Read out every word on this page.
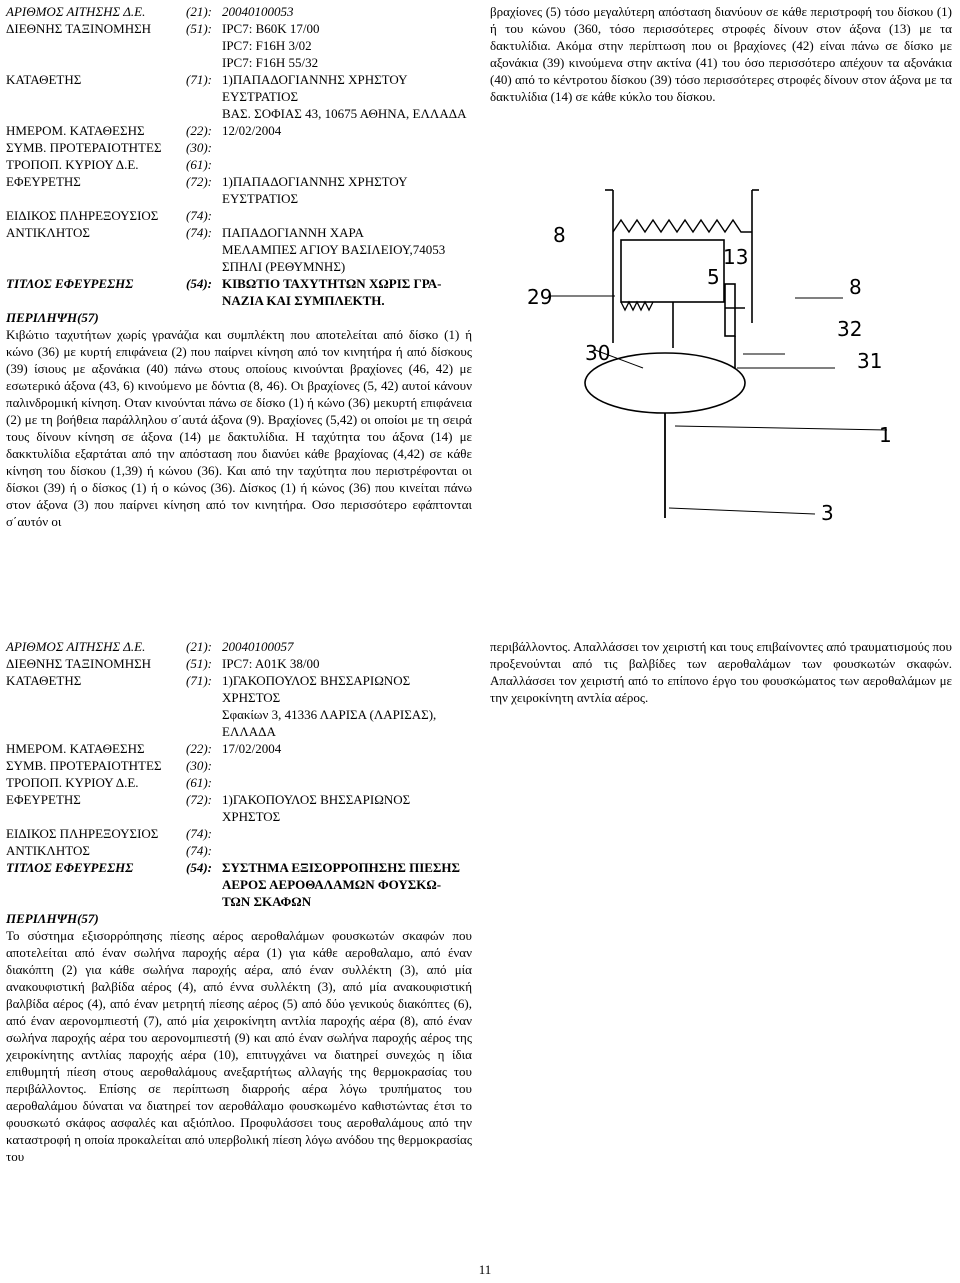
ΑΡΙΘΜΟΣ ΑΙΤΗΣΗΣ Δ.Ε.	(21): 20040100053
ΔΙΕΘΝΗΣ ΤΑΞΙΝΟΜΗΣΗ	(51): IPC7: B60K 17/00
IPC7: F16H 3/02
IPC7: F16H 55/32
ΚΑΤΑΘΕΤΗΣ	(71): 1)ΠΑΠΑΔΟΓΙΑΝΝΗΣ ΧΡΗΣΤΟΥ
ΕΥΣΤΡΑΤΙΟΣ
ΒΑΣ. ΣΟΦΙΑΣ 43, 10675 ΑΘΗΝΑ, ΕΛΛΑΔΑ
ΗΜΕΡΟΜ. ΚΑΤΑΘΕΣΗΣ	(22): 12/02/2004
ΣΥΜΒ. ΠΡΟΤΕΡΑΙΟΤΗΤΕΣ	(30):
ΤΡΟΠΟΠ. ΚΥΡΙΟΥ Δ.Ε.	(61):
ΕΦΕΥΡΕΤΗΣ	(72): 1)ΠΑΠΑΔΟΓΙΑΝΝΗΣ ΧΡΗΣΤΟΥ
ΕΥΣΤΡΑΤΙΟΣ
ΕΙΔΙΚΟΣ ΠΛΗΡΕΞΟΥΣΙΟΣ	(74):
ΑΝΤΙΚΛΗΤΟΣ	(74): ΠΑΠΑΔΟΓΙΑΝΝΗ ΧΑΡΑ
ΜΕΛΑΜΠΕΣ ΑΓΙΟΥ ΒΑΣΙΛΕΙΟΥ,74053
ΣΠΗΛΙ (ΡΕΘΥΜΝΗΣ)
ΤΙΤΛΟΣ ΕΦΕΥΡΕΣΗΣ	(54): ΚΙΒΩΤΙΟ ΤΑΧΥΤΗΤΩΝ ΧΩΡΙΣ ΓΡΑ-
ΝΑΖΙΑ ΚΑΙ ΣΥΜΠΛΕΚΤΗ.
ΠΕΡΙΛΗΨΗ(57)
Κιβώτιο ταχυτήτων χωρίς γρανάζια και συμπλέκτη που αποτελείται από δίσκο (1) ή κώνο (36) με κυρτή επιφάνεια (2) που παίρνει κίνηση από τον κινητήρα ή από δίσκους (39) ίσιους με αξονάκια (40) πάνω στους οποίους κινούνται βραχίονες (46, 42) με εσωτερικό άξονα (43, 6) κινούμενο με δόντια (8, 46). Οι βραχίονες (5, 42) αυτοί κάνουν παλινδρομική κίνηση. Οταν κινούνται πάνω σε δίσκο (1) ή κώνο (36) μεκυρτή επιφάνεια (2) με τη βοήθεια παράλληλου σ΄αυτά άξονα (9). Βραχίονες (5,42) οι οποίοι με τη σειρά τους δίνουν κίνηση σε άξονα (14) με δακτυλίδια. Η ταχύτητα του άξονα (14) με δακκτυλίδια εξαρτάται από την απόσταση που διανύει κάθε βραχίονας (4,42) σε κάθε κίνηση του δίσκου (1,39) ή κώνου (36). Και από την ταχύτητα που περιστρέφονται οι δίσκοι (39) ή ο δίσκος (1) ή ο κώνος (36). Δίσκος (1) ή κώνος (36) που κινείται πάνω στον άξονα (3) που παίρνει κίνηση από τον κινητήρα. Οσο περισσότερο εφάπτονται σ΄αυτόν οι
βραχίονες (5) τόσο μεγαλύτερη απόσταση διανύουν σε κάθε περιστροφή του δίσκου (1) ή του κώνου (360, τόσο περισσότερες στροφές δίνουν στον άξονα (13) με τα δακτυλίδια. Ακόμα στην περίπτωση που οι βραχίονες (42) είναι πάνω σε δίσκο με αξονάκια (39) κινούμενα στην ακτίνα (41) του όσο περισσότερο απέχουν τα αξονάκια (40) από το κέντροτου δίσκου (39) τόσο περισσότερες στροφές δίνουν στον άξονα με τα δακτυλίδια (14) σε κάθε κύκλο του δίσκου.
8
13
5
29	8
30
32
31
1
3
ΑΡΙΘΜΟΣ ΑΙΤΗΣΗΣ Δ.Ε.	(21): 20040100057
ΔΙΕΘΝΗΣ ΤΑΞΙΝΟΜΗΣΗ	(51): IPC7: A01K 38/00
ΚΑΤΑΘΕΤΗΣ	(71): 1)ΓΑΚΟΠΟΥΛΟΣ ΒΗΣΣΑΡΙΩΝΟΣ
ΧΡΗΣΤΟΣ
Σφακίων 3, 41336 ΛΑΡΙΣΑ (ΛΑΡΙΣΑΣ),
ΕΛΛΑΔΑ
ΗΜΕΡΟΜ. ΚΑΤΑΘΕΣΗΣ	(22): 17/02/2004
ΣΥΜΒ. ΠΡΟΤΕΡΑΙΟΤΗΤΕΣ	(30):
ΤΡΟΠΟΠ. ΚΥΡΙΟΥ Δ.Ε.	(61):
ΕΦΕΥΡΕΤΗΣ	(72): 1)ΓΑΚΟΠΟΥΛΟΣ ΒΗΣΣΑΡΙΩΝΟΣ
ΧΡΗΣΤΟΣ
ΕΙΔΙΚΟΣ ΠΛΗΡΕΞΟΥΣΙΟΣ	(74):
ΑΝΤΙΚΛΗΤΟΣ	(74):
ΤΙΤΛΟΣ ΕΦΕΥΡΕΣΗΣ	(54): ΣΥΣΤΗΜΑ ΕΞΙΣΟΡΡΟΠΗΣΗΣ ΠΙΕΣΗΣ
ΑΕΡΟΣ ΑΕΡΟΘΑΛΑΜΩΝ ΦΟΥΣΚΩ-
ΤΩΝ ΣΚΑΦΩΝ
ΠΕΡΙΛΗΨΗ(57)
Το σύστημα εξισορρόπησης πίεσης αέρος αεροθαλάμων φουσκωτών σκαφών που αποτελείται από έναν σωλήνα παροχής αέρα (1) για κάθε αεροθαλαμο, από έναν διακόπτη (2) για κάθε σωλήνα παροχής αέρα, από έναν συλλέκτη (3), από μία ανακουφιστική βαλβίδα αέρος (4), από έννα συλλέκτη (3), από μία ανακουφιστική βαλβίδα αέρος (4), από έναν μετρητή πίεσης αέρος (5) από δύο γενικούς διακόπτες (6), από έναν αερονομπιεστή (7), από μία χειροκίνητη αντλία παροχής αέρα (8), από έναν σωλήνα παροχής αέρα του αερονομπιεστή (9) και από έναν σωλήνα παροχής αέρος της χειροκίνητης αντλίας παροχής αέρα (10), επιτυγχάνει να διατηρεί συνεχώς η ίδια επιθυμητή πίεση στους αεροθαλάμους ανεξαρτήτως αλλαγής της θερμοκρασίας του περιβάλλοντος. Επίσης σε περίπτωση διαρροής αέρα λόγω τρυπήματος του αεροθαλάμου δύναται να διατηρεί τον αεροθάλαμο φουσκωμένο καθιστώντας έτσι το φουσκωτό σκάφος ασφαλές και αξιόπλοο. Προφυλάσσει τους αεροθαλάμους από την καταστροφή η οποία προκαλείται από υπερβολική πίεση λόγω ανόδου της θερμοκρασίας του
περιβάλλοντος. Απαλλάσσει τον χειριστή και τους επιβαίνοντες από τραυματισμούς που προξενούνται από τις βαλβίδες των αεροθαλάμων των φουσκωτών σκαφών. Απαλλάσσει τον χειριστή από το επίπονο έργο του φουσκώματος των αεροθαλάμων με την χειροκίνητη αντλία αέρος.
11
